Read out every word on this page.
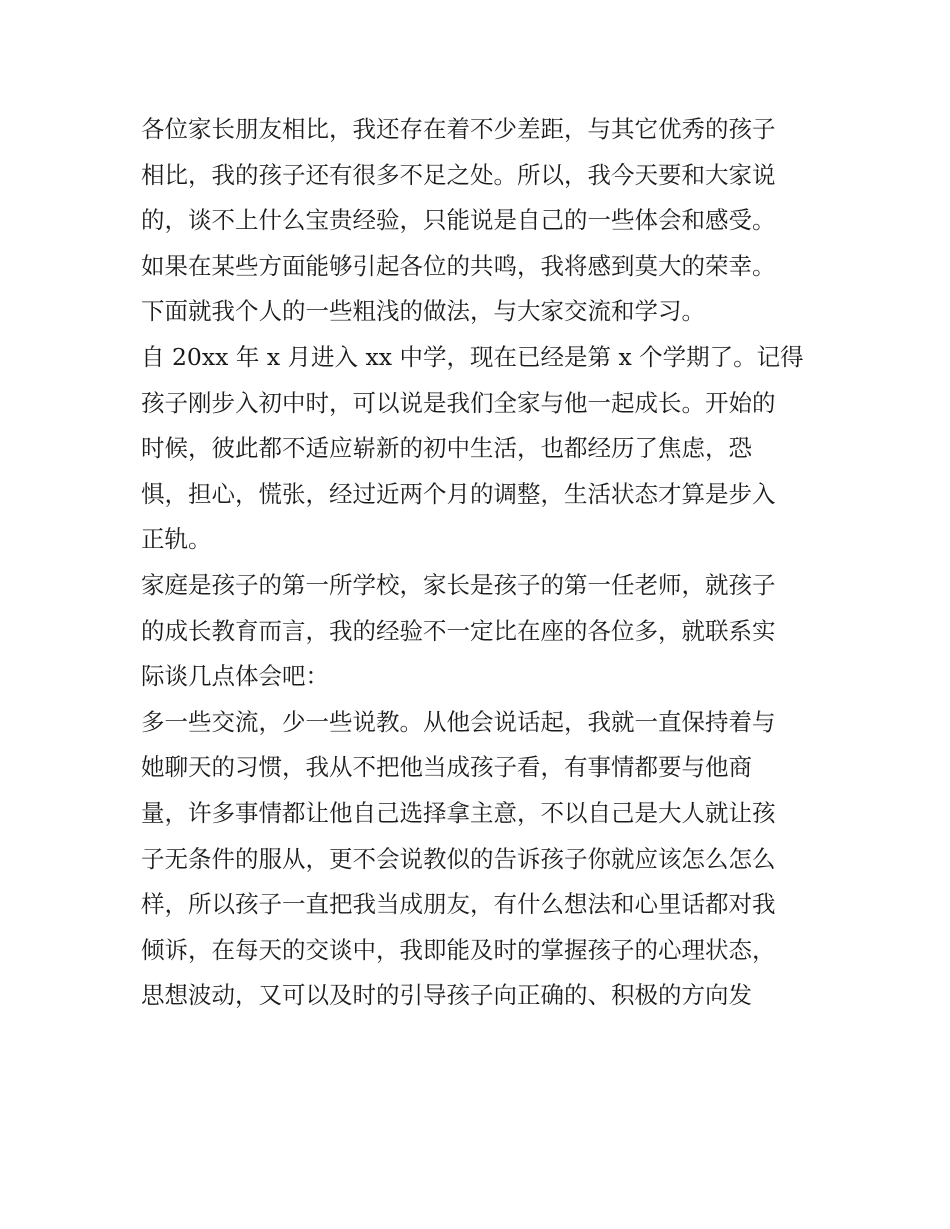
各位家长朋友相比，我还存在着不少差距，与其它优秀的孩子
相比，我的孩子还有很多不足之处。所以，我今天要和大家说
的，谈不上什么宝贵经验，只能说是自己的一些体会和感受。
如果在某些方面能够引起各位的共鸣，我将感到莫大的荣幸。
下面就我个人的一些粗浅的做法，与大家交流和学习。
自 20xx 年 x 月进入 xx 中学，现在已经是第 x 个学期了。记得
孩子刚步入初中时，可以说是我们全家与他一起成长。开始的
时候，彼此都不适应崭新的初中生活，也都经历了焦虑，恐
惧，担心，慌张，经过近两个月的调整，生活状态才算是步入
正轨。
家庭是孩子的第一所学校，家长是孩子的第一任老师，就孩子
的成长教育而言，我的经验不一定比在座的各位多，就联系实
际谈几点体会吧：
多一些交流，少一些说教。从他会说话起，我就一直保持着与
她聊天的习惯，我从不把他当成孩子看，有事情都要与他商
量，许多事情都让他自己选择拿主意，不以自己是大人就让孩
子无条件的服从，更不会说教似的告诉孩子你就应该怎么怎么
样，所以孩子一直把我当成朋友，有什么想法和心里话都对我
倾诉，在每天的交谈中，我即能及时的掌握孩子的心理状态，
思想波动，又可以及时的引导孩子向正确的、积极的方向发
